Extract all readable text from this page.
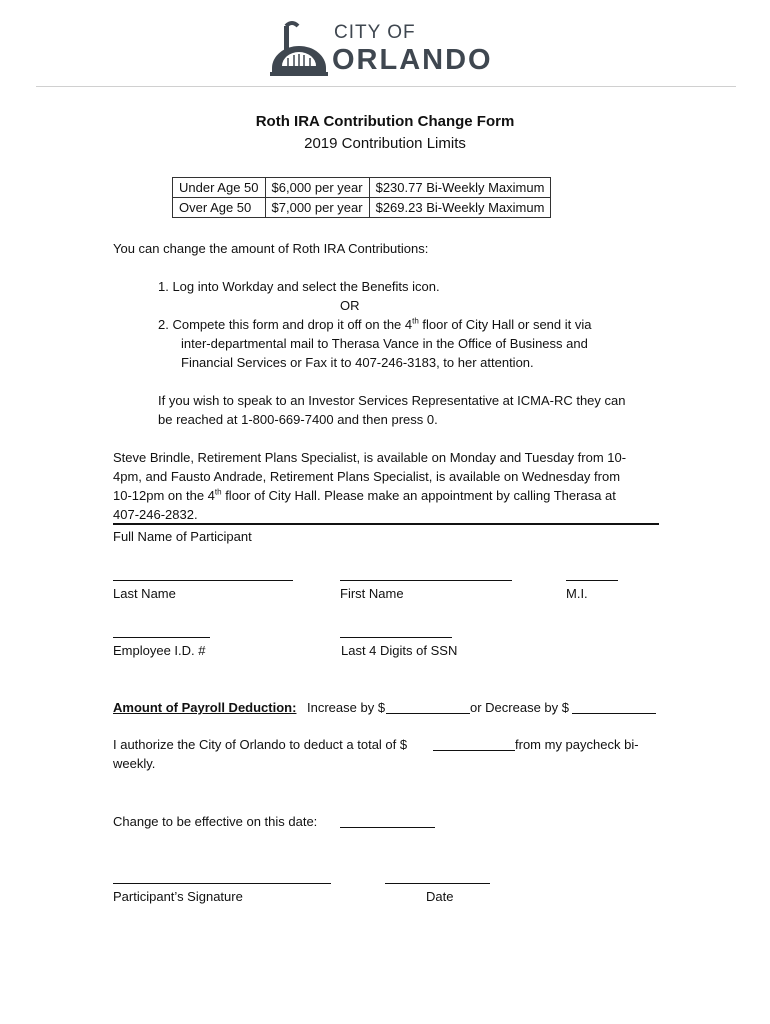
CITY OF
ORLANDO
Roth IRA Contribution Change Form
2019 Contribution Limits
Under Age 50	$6,000 per year	$230.77 Bi-Weekly Maximum
Over Age 50	$7,000 per year	$269.23 Bi-Weekly Maximum
You can change the amount of Roth IRA Contributions:
1. Log into Workday and select the Benefits icon.
OR
2. Compete this form and drop it off on the 4th floor of City Hall or send it via
inter-departmental mail to Therasa Vance in the Office of Business and
Financial Services or Fax it to 407-246-3183, to her attention.
If you wish to speak to an Investor Services Representative at ICMA-RC they can
be reached at 1-800-669-7400 and then press 0.
Steve Brindle, Retirement Plans Specialist, is available on Monday and Tuesday from 10-
4pm, and Fausto Andrade, Retirement Plans Specialist, is available on Wednesday from
10-12pm on the 4th floor of City Hall. Please make an appointment by calling Therasa at
407-246-2832.
Full Name of Participant
Last Name	First Name	M.I.
Employee I.D. #	Last 4 Digits of SSN
Amount of Payroll Deduction: Increase by $	or Decrease by $
I authorize the City of Orlando to deduct a total of $	from my paycheck bi-
weekly.
Change to be effective on this date:
Participant’s Signature	Date
